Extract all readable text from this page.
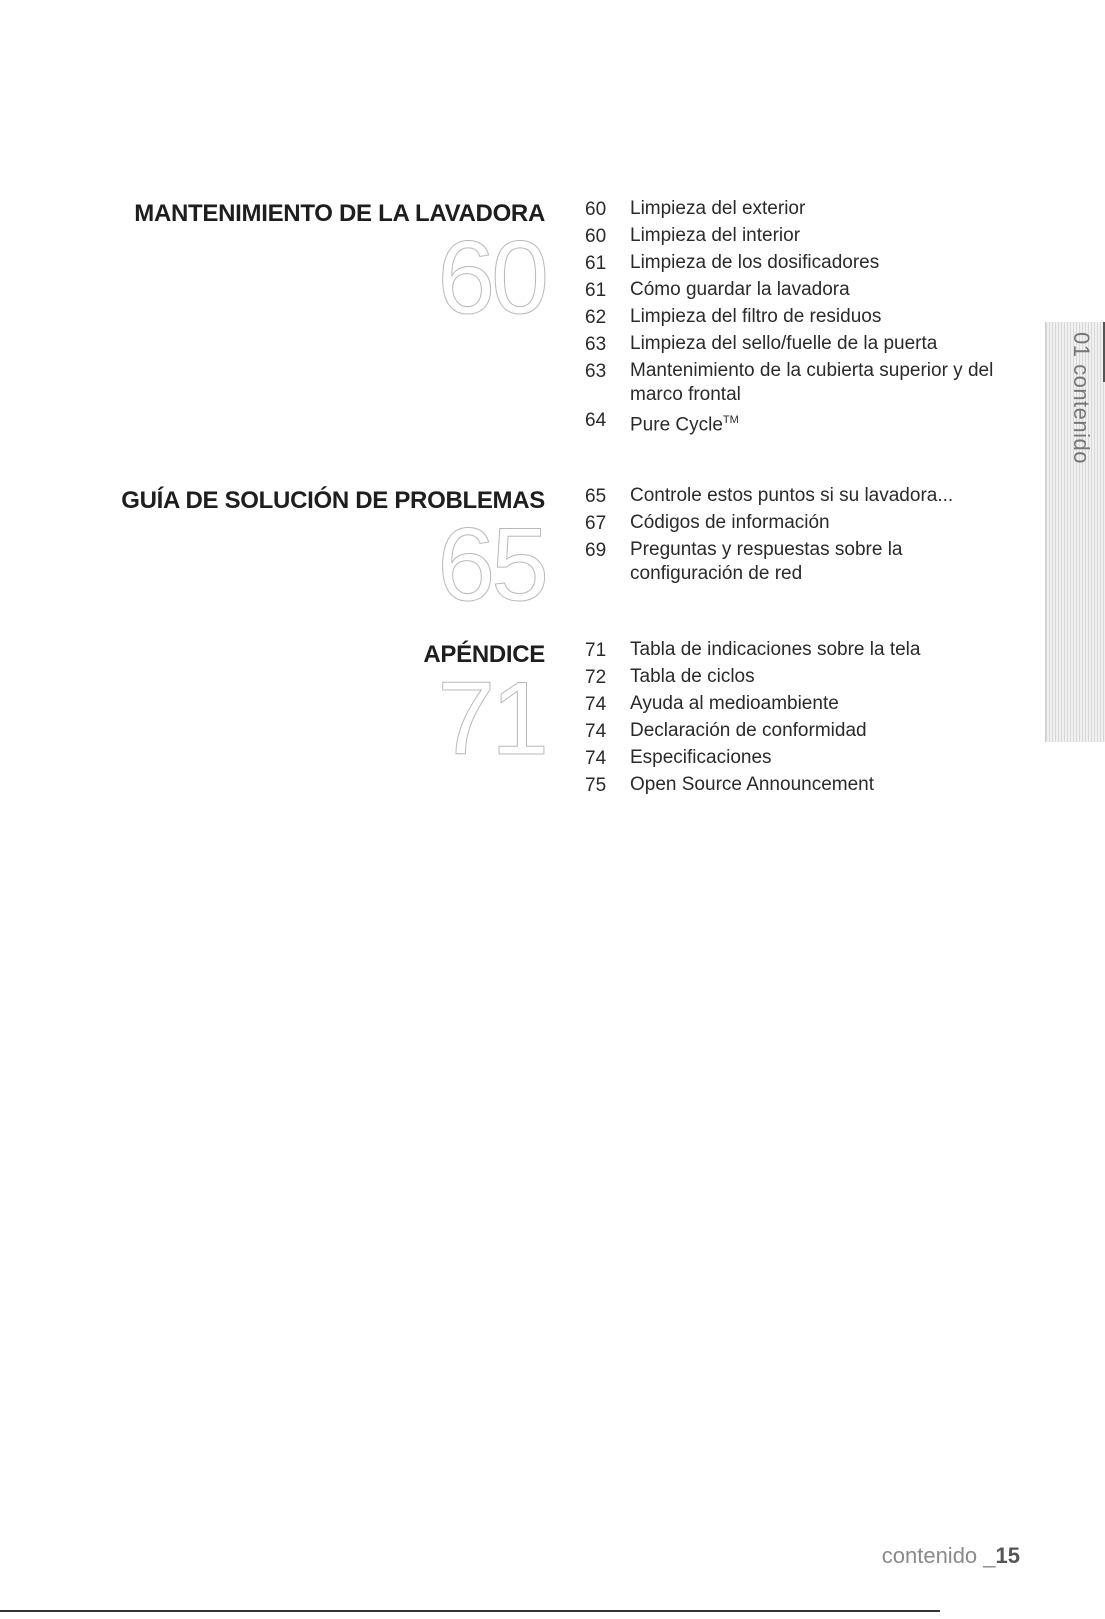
MANTENIMIENTO DE LA LAVADORA
60
60	Limpieza del exterior
60	Limpieza del interior
61	Limpieza de los dosificadores
61	Cómo guardar la lavadora
62	Limpieza del filtro de residuos
63	Limpieza del sello/fuelle de la puerta
63	Mantenimiento de la cubierta superior y del marco frontal
64	Pure Cycle™
GUÍA DE SOLUCIÓN DE PROBLEMAS
65
65	Controle estos puntos si su lavadora...
67	Códigos de información
69	Preguntas y respuestas sobre la configuración de red
APÉNDICE
71
71	Tabla de indicaciones sobre la tela
72	Tabla de ciclos
74	Ayuda al medioambiente
74	Declaración de conformidad
74	Especificaciones
75	Open Source Announcement
01 contenido
contenido _15
